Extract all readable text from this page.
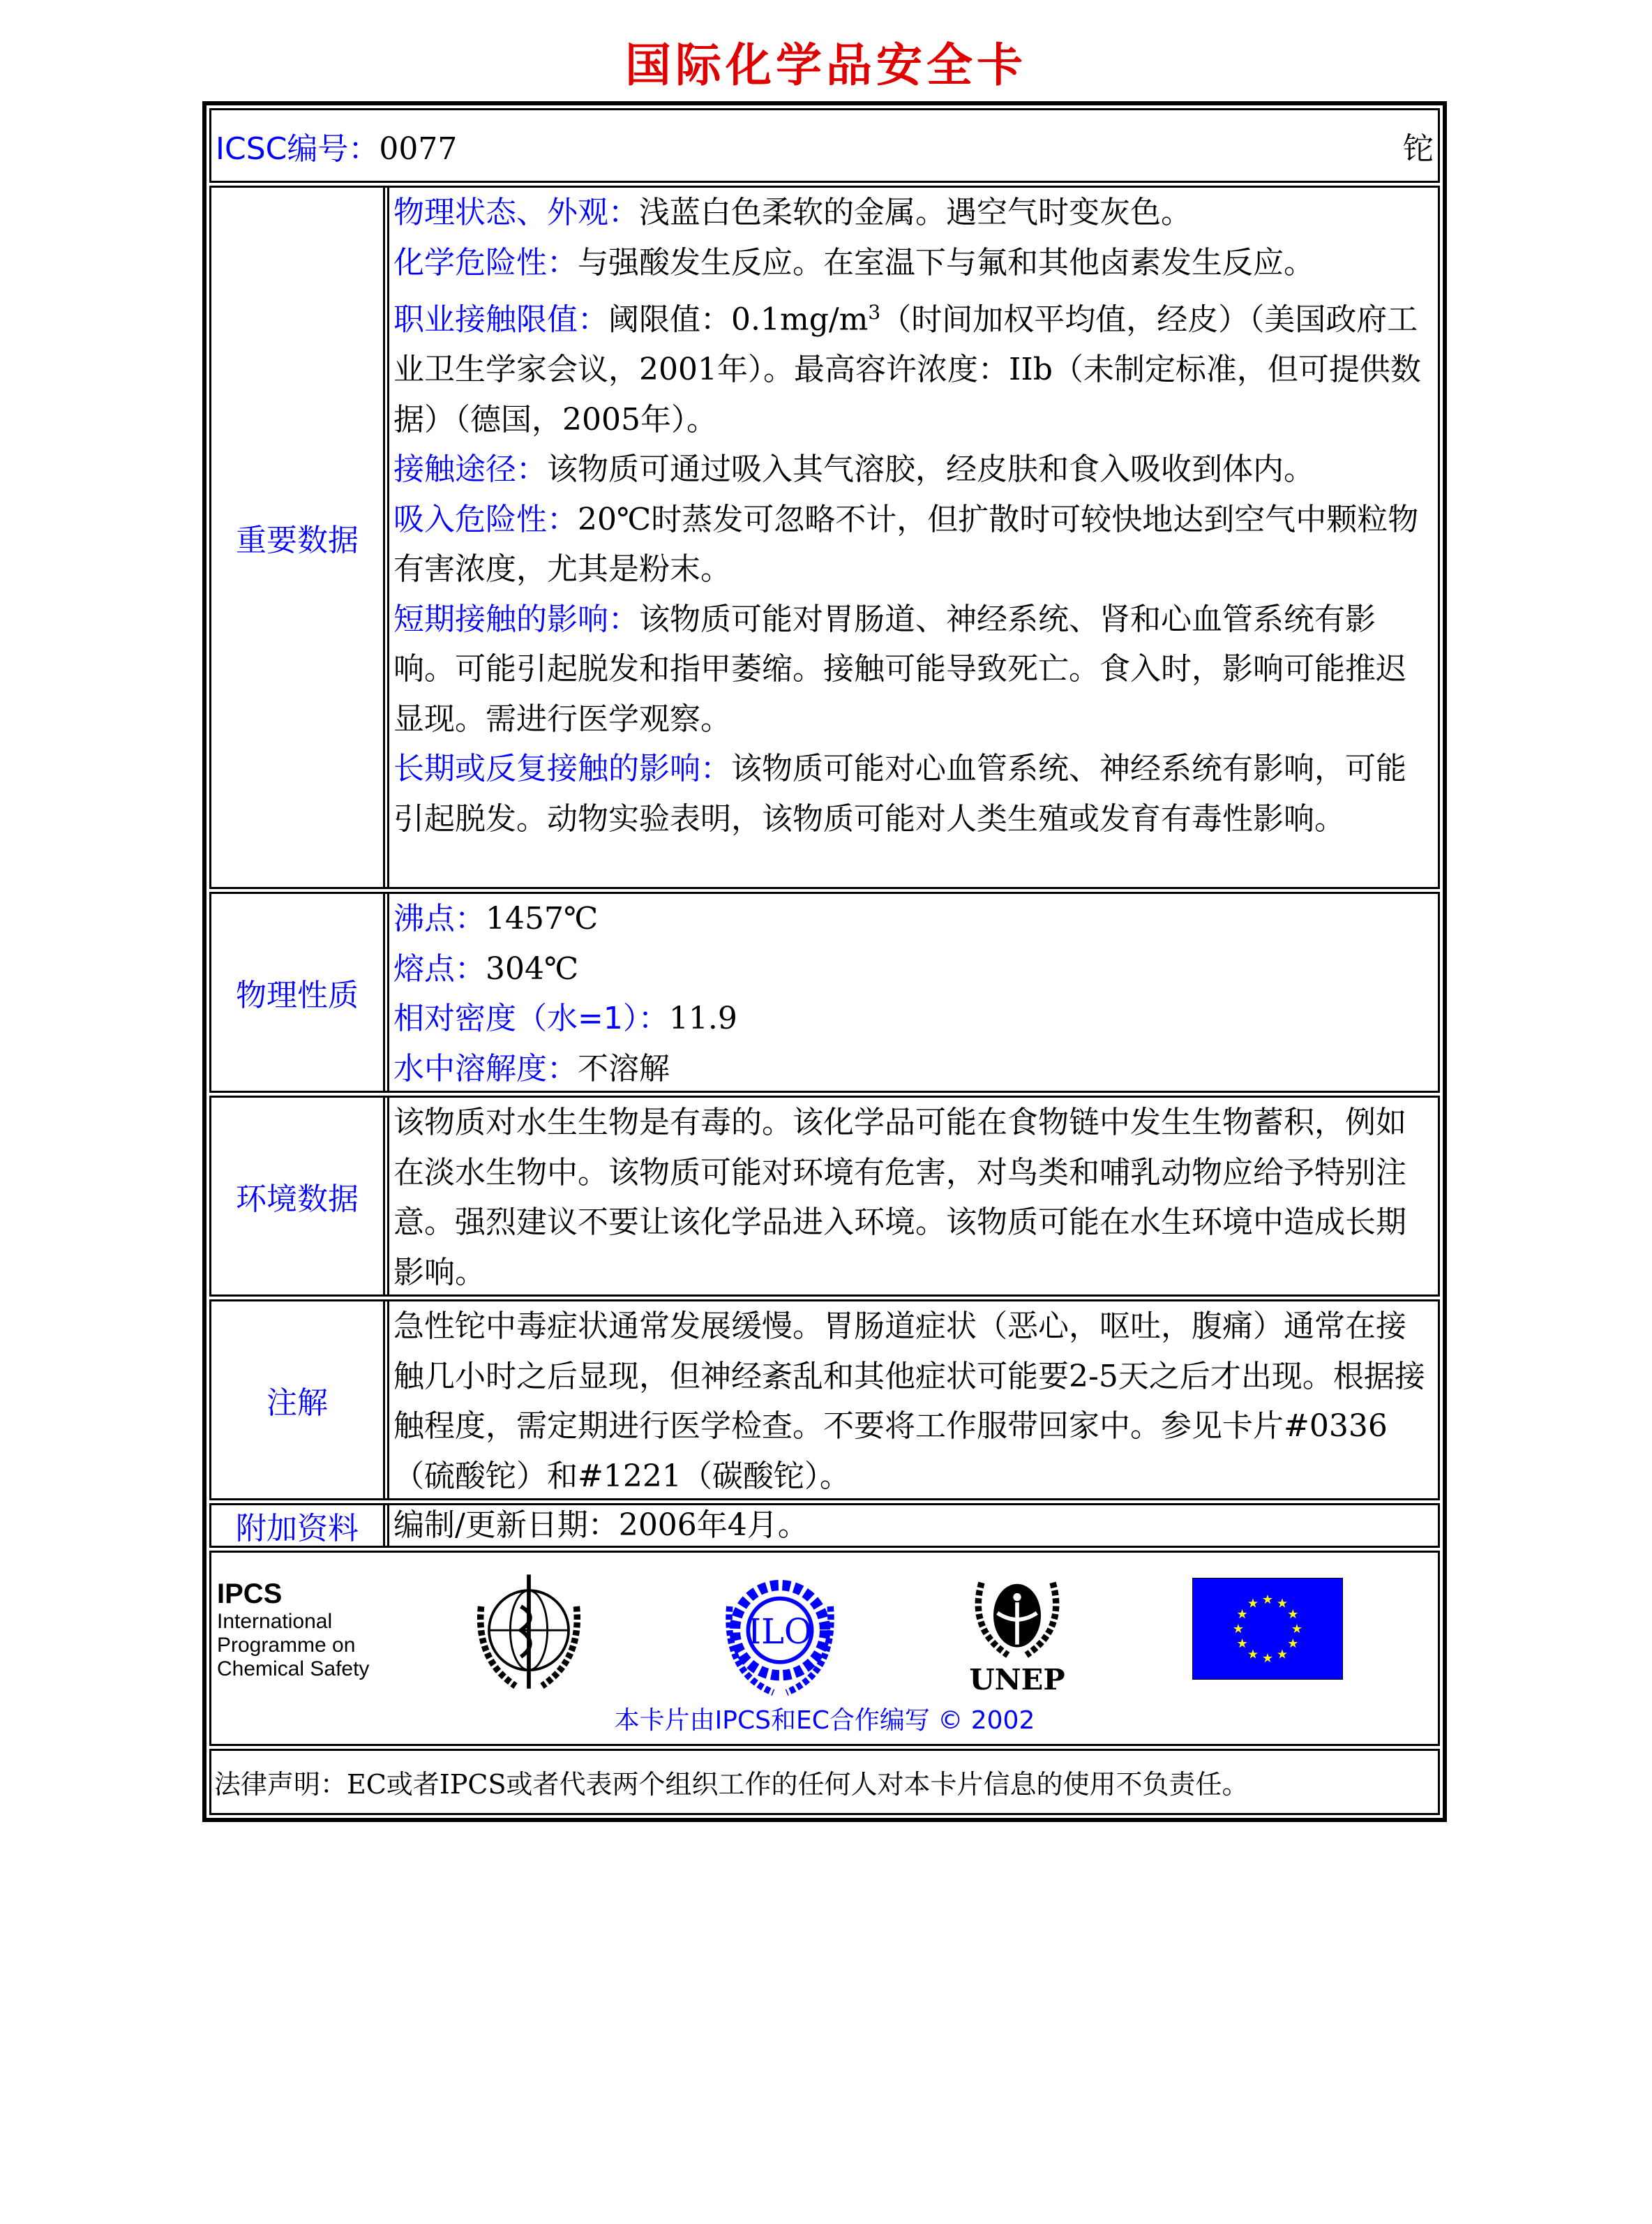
国际化学品安全卡
ICSC编号：0077	铊
重要数据
物理状态、外观：浅蓝白色柔软的金属。遇空气时变灰色。
化学危险性：与强酸发生反应。在室温下与氟和其他卤素发生反应。
职业接触限值：阈限值：$0.1mg/m^3$（时间加权平均值，经皮）（美国政府工业卫生学家会议，2001年）。最高容许浓度：IIb（未制定标准，但可提供数据）（德国，2005年）。
接触途径：该物质可通过吸入其气溶胶，经皮肤和食入吸收到体内。
吸入危险性：20℃时蒸发可忽略不计，但扩散时可较快地达到空气中颗粒物有害浓度，尤其是粉末。
短期接触的影响：该物质可能对胃肠道、神经系统、肾和心血管系统有影响。可能引起脱发和指甲萎缩。接触可能导致死亡。食入时，影响可能推迟显现。需进行医学观察。
长期或反复接触的影响：该物质可能对心血管系统、神经系统有影响，可能引起脱发。动物实验表明，该物质可能对人类生殖或发育有毒性影响。
物理性质
沸点：1457℃
熔点：304℃
相对密度（水=1）：11.9
水中溶解度：不溶解
环境数据
该物质对水生生物是有毒的。该化学品可能在食物链中发生生物蓄积，例如在淡水生物中。该物质可能对环境有危害，对鸟类和哺乳动物应给予特别注意。强烈建议不要让该化学品进入环境。该物质可能在水生环境中造成长期影响。
注解
急性铊中毒症状通常发展缓慢。胃肠道症状（恶心，呕吐，腹痛）通常在接触几小时之后显现，但神经紊乱和其他症状可能要2-5天之后才出现。根据接触程度，需定期进行医学检查。不要将工作服带回家中。参见卡片#0336（硫酸铊）和#1221（碳酸铊）。
附加资料	编制/更新日期：2006年4月。
IPCS
International
Programme on
Chemical Safety
ILO
UNEP
★ ★
★
★
★
★
★
★
★
★
★
★
本卡片由IPCS和EC合作编写 © 2002
法律声明： EC或者IPCS或者代表两个组织工作的任何人对本卡片信息的使用不负责任。
